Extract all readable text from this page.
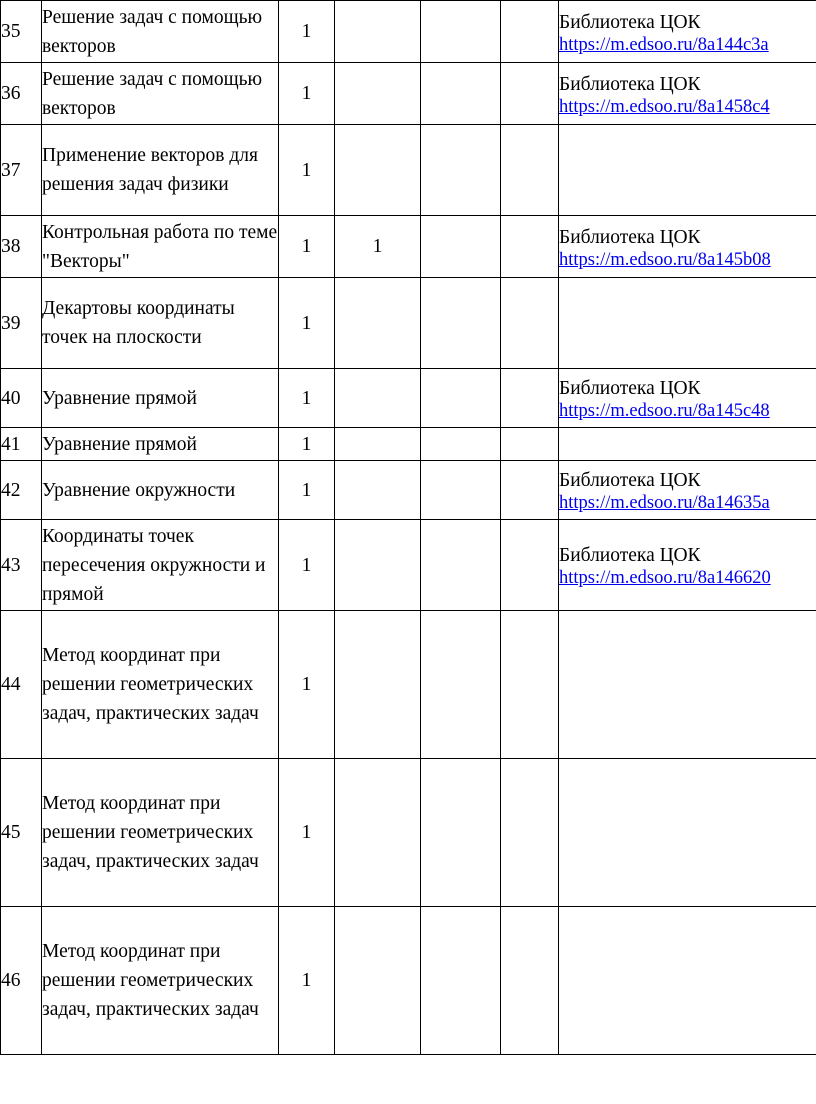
35	Решение задач с помощью векторов	1				Библиотека ЦОК
https://m.edsoo.ru/8a144c3a

36	Решение задач с помощью векторов	1				Библиотека ЦОК
https://m.edsoo.ru/8a1458c4

37	Применение векторов для решения задач физики	1				
38	Контрольная работа по теме "Векторы"	1	1			Библиотека ЦОК
https://m.edsoo.ru/8a145b08

39	Декартовы координаты точек на плоскости	1				
40	Уравнение прямой	1				Библиотека ЦОК
https://m.edsoo.ru/8a145c48

41	Уравнение прямой	1				
42	Уравнение окружности	1				Библиотека ЦОК
https://m.edsoo.ru/8a14635a

43	Координаты точек пересечения окружности и прямой	1				Библиотека ЦОК
https://m.edsoo.ru/8a146620

44	Метод координат при решении геометрических задач, практических задач	1				
45	Метод координат при решении геометрических задач, практических задач	1				
46	Метод координат при решении геометрических задач, практических задач	1				
